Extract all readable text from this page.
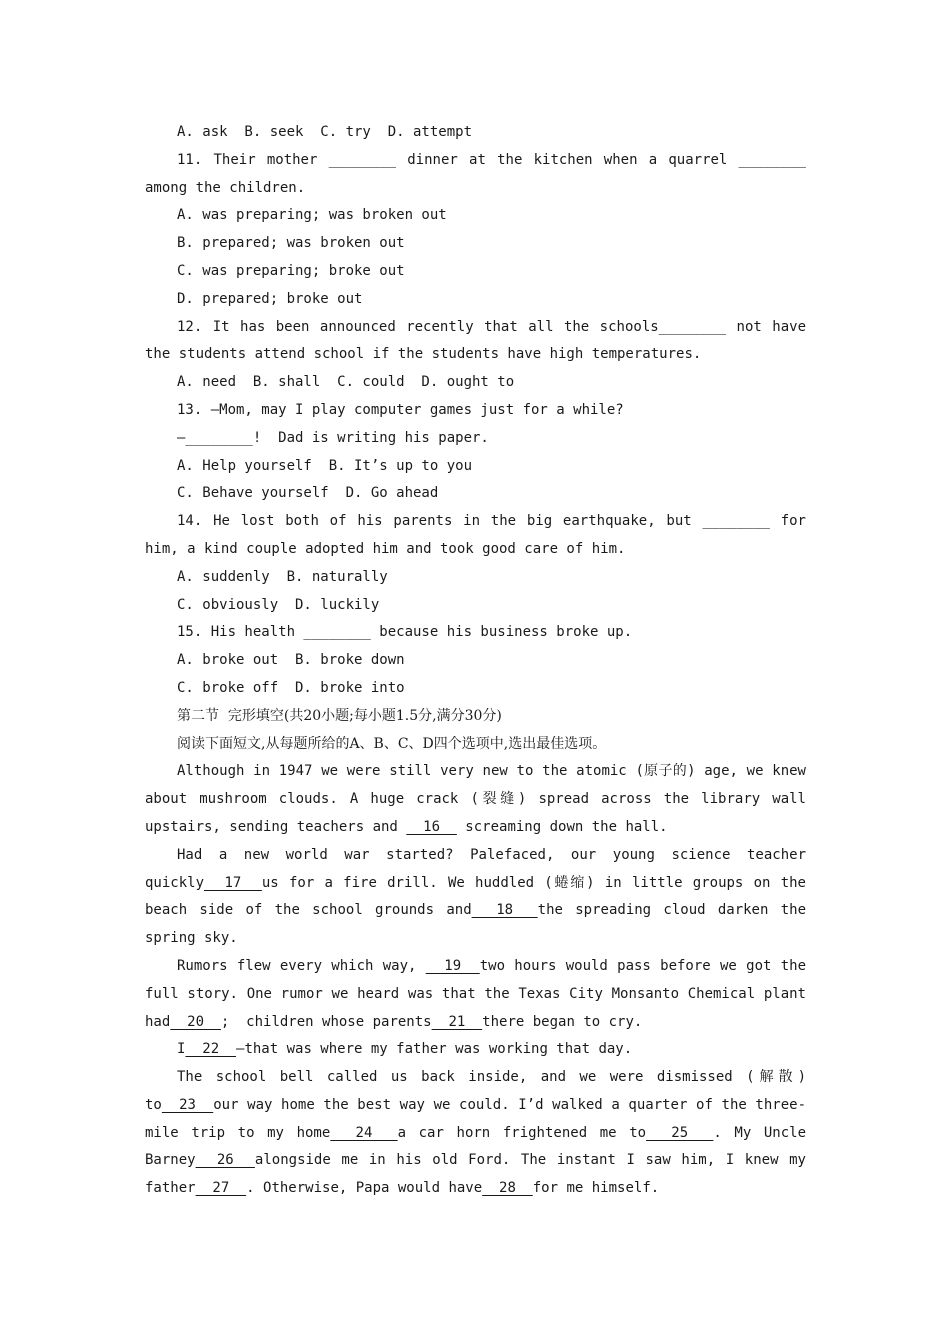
A. ask  B. seek  C. try  D. attempt
11. Their mother ________ dinner at the kitchen when a quarrel ________
among the children.
A. was preparing; was broken out
B. prepared; was broken out
C. was preparing; broke out
D. prepared; broke out
12. It has been announced recently that all the schools________ not have
the students attend school if the students have high temperatures.
A. need  B. shall  C. could  D. ought to
13. —Mom, may I play computer games just for a while?
—________!  Dad is writing his paper.
A. Help yourself  B. It’s up to you
C. Behave yourself  D. Go ahead
14. He lost both of his parents in the big earthquake, but ________ for
him, a kind couple adopted him and took good care of him.
A. suddenly  B. naturally
C. obviously  D. luckily
15. His health ________ because his business broke up.
A. broke out  B. broke down
C. broke off  D. broke into
第二节  完形填空(共20小题;每小题1.5分,满分30分)
阅读下面短文,从每题所给的A、B、C、D四个选项中,选出最佳选项。
Although in 1947 we were still very new to the atomic (原子的) age, we knew
about mushroom clouds. A huge crack (裂缝) spread across the library wall
upstairs, sending teachers and   16   screaming down the hall.
Had a new world war started? Palefaced, our young science teacher
quickly  17  us for a fire drill. We huddled (蜷缩) in little groups on the
beach side of the school grounds and  18  the spreading cloud darken the
spring sky.
Rumors flew every which way,   19  two hours would pass before we got the
full story. One rumor we heard was that the Texas City Monsanto Chemical plant
had  20  ;  children whose parents  21  there began to cry.
I  22  —that was where my father was working that day.
The school bell called us back inside, and we were dismissed (解散)
to  23  our way home the best way we could. I’d walked a quarter of the three-
mile trip to my home  24  a car horn frightened me to  25  . My Uncle
Barney  26  alongside me in his old Ford. The instant I saw him, I knew my
father  27  . Otherwise, Papa would have  28  for me himself.
